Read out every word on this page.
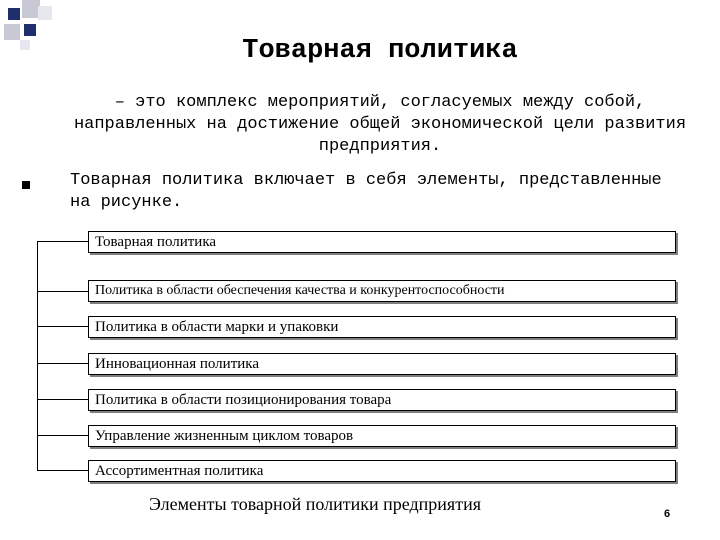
Товарная политика
– это комплекс мероприятий, согласуемых между собой, направленных на достижение общей экономической цели развития предприятия.
Товарная политика включает в себя элементы, представленные на рисунке.
Товарная политика
Политика в области обеспечения качества и конкурентоспособности
Политика в области марки и упаковки
Инновационная политика
Политика в области позиционирования товара
Управление жизненным циклом товаров
Ассортиментная политика
Элементы товарной политики предприятия	6
